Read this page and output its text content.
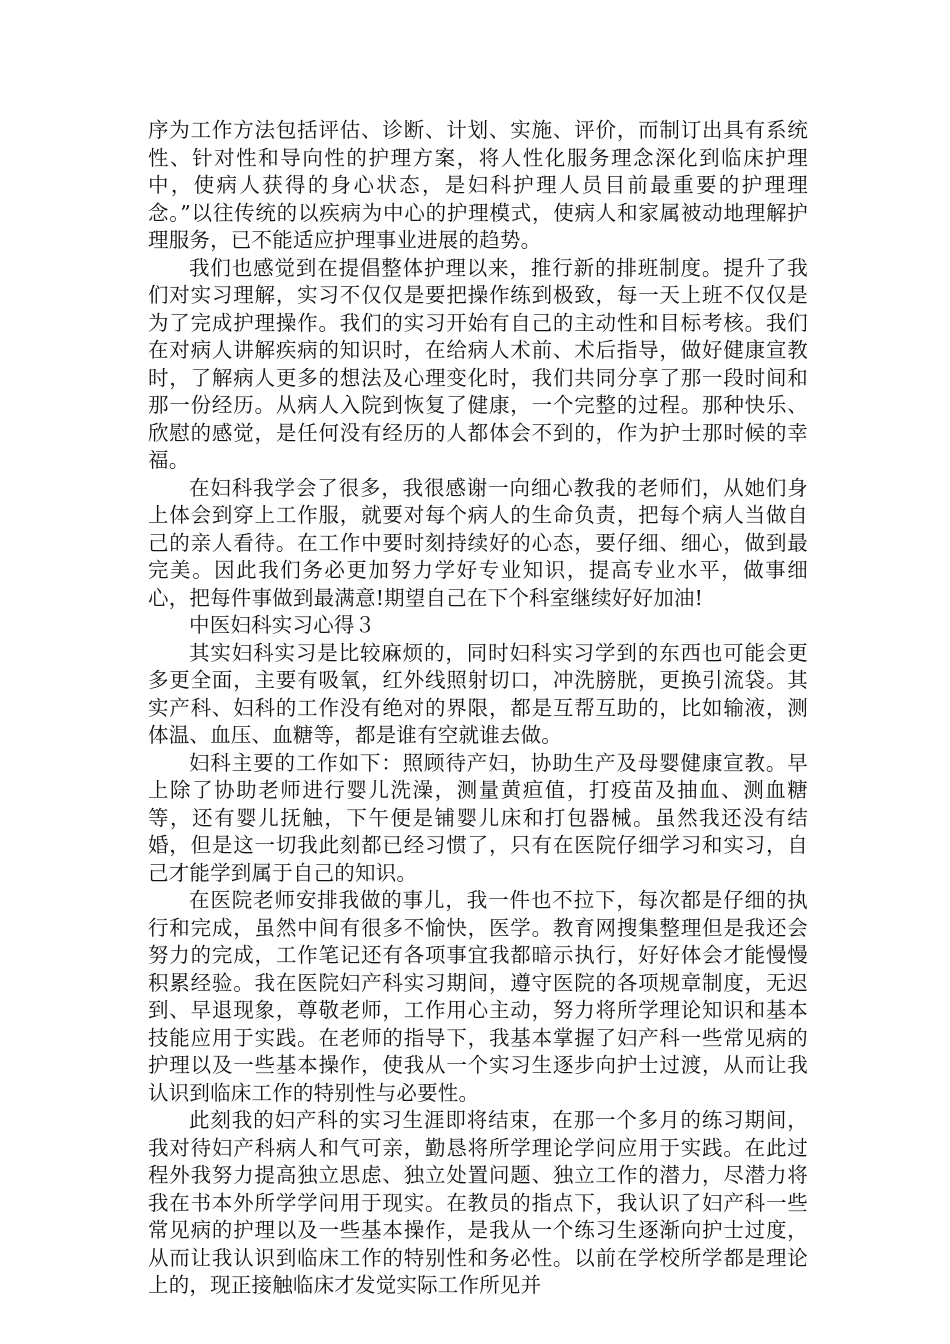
序为工作方法包括评估、诊断、计划、实施、评价，而制订出具有系统性、针对性和导向性的护理方案，将人性化服务理念深化到临床护理中，使病人获得的身心状态，是妇科护理人员目前最重要的护理理念。”以往传统的以疾病为中心的护理模式，使病人和家属被动地理解护理服务，已不能适应护理事业进展的趋势。

我们也感觉到在提倡整体护理以来，推行新的排班制度。提升了我们对实习理解，实习不仅仅是要把操作练到极致，每一天上班不仅仅是为了完成护理操作。我们的实习开始有自己的主动性和目标考核。我们在对病人讲解疾病的知识时，在给病人术前、术后指导，做好健康宣教时，了解病人更多的想法及心理变化时，我们共同分享了那一段时间和那一份经历。从病人入院到恢复了健康，一个完整的过程。那种快乐、欣慰的感觉，是任何没有经历的人都体会不到的，作为护士那时候的幸福。

在妇科我学会了很多，我很感谢一向细心教我的老师们，从她们身上体会到穿上工作服，就要对每个病人的生命负责，把每个病人当做自己的亲人看待。在工作中要时刻持续好的心态，要仔细、细心，做到最完美。因此我们务必更加努力学好专业知识，提高专业水平，做事细心，把每件事做到最满意!期望自己在下个科室继续好好加油!

中医妇科实习心得３

其实妇科实习是比较麻烦的，同时妇科实习学到的东西也可能会更多更全面，主要有吸氧，红外线照射切口，冲洗膀胱，更换引流袋。其实产科、妇科的工作没有绝对的界限，都是互帮互助的，比如输液，测体温、血压、血糖等，都是谁有空就谁去做。

妇科主要的工作如下：照顾待产妇，协助生产及母婴健康宣教。早上除了协助老师进行婴儿洗澡，测量黄疸值，打疫苗及抽血、测血糖等，还有婴儿抚触，下午便是铺婴儿床和打包器械。虽然我还没有结婚，但是这一切我此刻都已经习惯了，只有在医院仔细学习和实习，自己才能学到属于自己的知识。

在医院老师安排我做的事儿，我一件也不拉下，每次都是仔细的执行和完成，虽然中间有很多不愉快，医学。教育网搜集整理但是我还会努力的完成，工作笔记还有各项事宜我都暗示执行，好好体会才能慢慢积累经验。我在医院妇产科实习期间，遵守医院的各项规章制度，无迟到、早退现象，尊敬老师，工作用心主动，努力将所学理论知识和基本技能应用于实践。在老师的指导下，我基本掌握了妇产科一些常见病的护理以及一些基本操作，使我从一个实习生逐步向护士过渡，从而让我认识到临床工作的特别性与必要性。

此刻我的妇产科的实习生涯即将结束，在那一个多月的练习期间，我对待妇产科病人和气可亲，勤恳将所学理论学问应用于实践。在此过程外我努力提高独立思虑、独立处置问题、独立工作的潜力，尽潜力将我在书本外所学学问用于现实。在教员的指点下，我认识了妇产科一些常见病的护理以及一些基本操作，是我从一个练习生逐渐向护士过度，从而让我认识到临床工作的特别性和务必性。以前在学校所学都是理论上的，现正接触临床才发觉实际工作所见并
